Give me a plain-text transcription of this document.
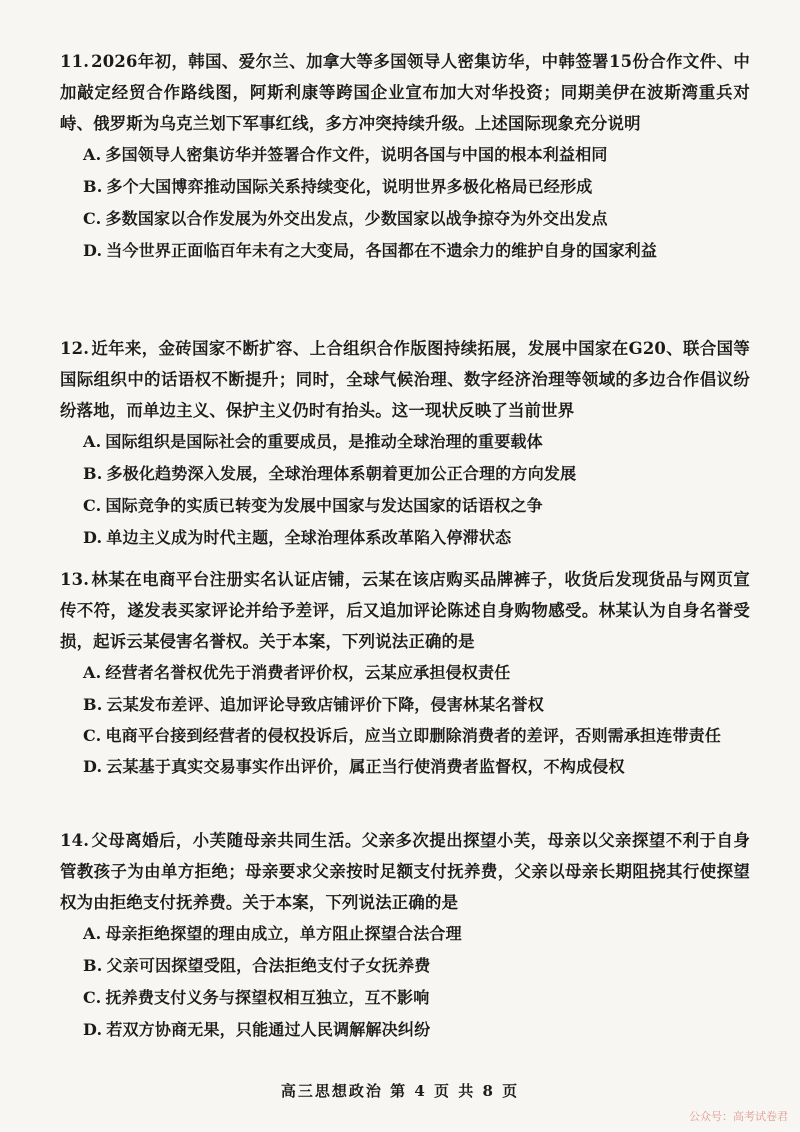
11. 2026年初，韩国、爱尔兰、加拿大等多国领导人密集访华，中韩签署15份合作文件、中加敲定经贸合作路线图，阿斯利康等跨国企业宣布加大对华投资；同期美伊在波斯湾重兵对峙、俄罗斯为乌克兰划下军事红线，多方冲突持续升级。上述国际现象充分说明

A. 多国领导人密集访华并签署合作文件，说明各国与中国的根本利益相同
B. 多个大国博弈推动国际关系持续变化，说明世界多极化格局已经形成
C. 多数国家以合作发展为外交出发点，少数国家以战争掠夺为外交出发点
D. 当今世界正面临百年未有之大变局，各国都在不遗余力的维护自身的国家利益

12. 近年来，金砖国家不断扩容、上合组织合作版图持续拓展，发展中国家在G20、联合国等国际组织中的话语权不断提升；同时，全球气候治理、数字经济治理等领域的多边合作倡议纷纷落地，而单边主义、保护主义仍时有抬头。这一现状反映了当前世界

A. 国际组织是国际社会的重要成员，是推动全球治理的重要载体
B. 多极化趋势深入发展，全球治理体系朝着更加公正合理的方向发展
C. 国际竞争的实质已转变为发展中国家与发达国家的话语权之争
D. 单边主义成为时代主题，全球治理体系改革陷入停滞状态

13. 林某在电商平台注册实名认证店铺，云某在该店购买品牌裤子，收货后发现货品与网页宣传不符，遂发表买家评论并给予差评，后又追加评论陈述自身购物感受。林某认为自身名誉受损，起诉云某侵害名誉权。关于本案，下列说法正确的是

A. 经营者名誉权优先于消费者评价权，云某应承担侵权责任
B. 云某发布差评、追加评论导致店铺评价下降，侵害林某名誉权
C. 电商平台接到经营者的侵权投诉后，应当立即删除消费者的差评，否则需承担连带责任
D. 云某基于真实交易事实作出评价，属正当行使消费者监督权，不构成侵权

14. 父母离婚后，小芙随母亲共同生活。父亲多次提出探望小芙，母亲以父亲探望不利于自身管教孩子为由单方拒绝；母亲要求父亲按时足额支付抚养费，父亲以母亲长期阻挠其行使探望权为由拒绝支付抚养费。关于本案，下列说法正确的是

A. 母亲拒绝探望的理由成立，单方阻止探望合法合理
B. 父亲可因探望受阻，合法拒绝支付子女抚养费
C. 抚养费支付义务与探望权相互独立，互不影响
D. 若双方协商无果，只能通过人民调解解决纠纷
高三思想政治 第 4 页 共 8 页
公众号：高考试卷君
